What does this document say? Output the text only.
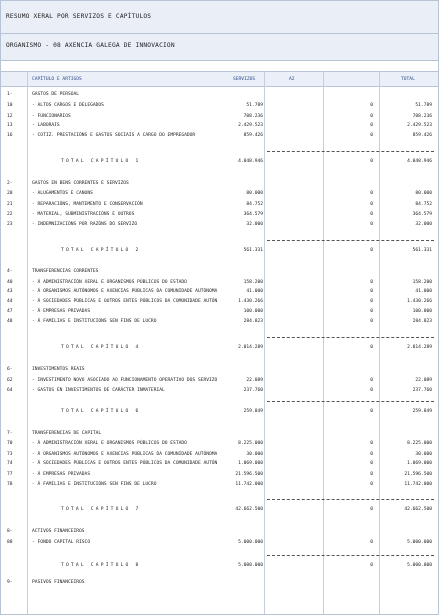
RESUMO XERAL POR SERVIZOS E CAPÍTULOS
ORGANISMO - 08 AXENCIA GALEGA DE INNOVACION
CAPÍTULO E ARTIGOS	SERVIZOS	A2	TOTAL
1-	GASTOS DE PERSOAL
10	- ALTOS CARGOS E DELEGADOS	51.789	0	51.789
12	- FUNCIONARIOS	708.236	0	708.236
13	- LABORAIS	2.429.523	0	2.429.523
16	- COTIZ. PRESTACIÓNS E GASTOS SOCIAIS A CARGO DO EMPREGADOR	859.426	0	859.426
TOTAL CAPÍTULO 1	4.048.946	0	4.048.946
2-	GASTOS EN BENS CORRENTES E SERVIZOS
20	- ALUGAMENTOS E CANONS	80.000	0	80.000
21	- REPARACIÓNS, MANTEMENTO E CONSERVACIÓN	84.752	0	84.752
22	- MATERIAL, SUBMINISTRACIÓNS E OUTROS	364.579	0	364.579
23	- INDEMNIZACIÓNS POR RAZÓNS DO SERVIZO	32.000	0	32.000
TOTAL CAPÍTULO 2	561.331	0	561.331
4-	TRANSFERENCIAS CORRENTES
40	- Á ADMINISTRACIÓN XERAL E ORGANISMOS PÚBLICOS DO ESTADO	158.200	0	158.200
43	- Á ORGANISMOS AUTÓNOMOS E AXENCIAS PÚBLICAS DA COMUNIDADE AUTÓNOMA	41.000	0	41.000
44	- Á SOCIEDADES PÚBLICAS E OUTROS ENTES PÚBLICOS DA COMUNIDADE AUTÓN	1.430.266	0	1.430.266
47	- Á EMPRESAS PRIVADAS	100.000	0	100.000
48	- Á FAMILIAS E INSTITUCIÓNS SEN FINS DE LUCRO	284.823	0	284.823
TOTAL CAPÍTULO 4	2.014.289	0	2.014.289
6-	INVESTIMENTOS REAIS
62	- INVESTIMENTO NOVO ASOCIADO AO FUNCIONAMENTO OPERATIVO DOS SERVIZO	22.089	0	22.089
64	- GASTOS EN INVESTIMENTOS DE CARÁCTER INMATERIAL	237.760	0	237.760
TOTAL CAPÍTULO 6	259.849	0	259.849
7-	TRANSFERENCIAS DE CAPITAL
70	- Á ADMINISTRACIÓN XERAL E ORGANISMOS PÚBLICOS DO ESTADO	8.225.000	0	8.225.000
73	- Á ORGANISMOS AUTÓNOMOS E AXENCIAS PÚBLICAS DA COMUNIDADE AUTÓNOMA	30.000	0	30.000
74	- Á SOCIEDADES PÚBLICAS E OUTROS ENTES PÚBLICOS DA COMUNIDADE AUTÓN	1.069.000	0	1.069.000
77	- Á EMPRESAS PRIVADAS	21.596.500	0	21.596.500
78	- Á FAMILIAS E INSTITUCIÓNS SEN FINS DE LUCRO	11.742.000	0	11.742.000
TOTAL CAPÍTULO 7	42.662.500	0	42.662.500
8-	ACTIVOS FINANCEIROS
88	- FONDO CAPITAL RISCO	5.000.000	0	5.000.000
TOTAL CAPÍTULO 8	5.000.000	0	5.000.000
9-	PASIVOS FINANCEIROS
